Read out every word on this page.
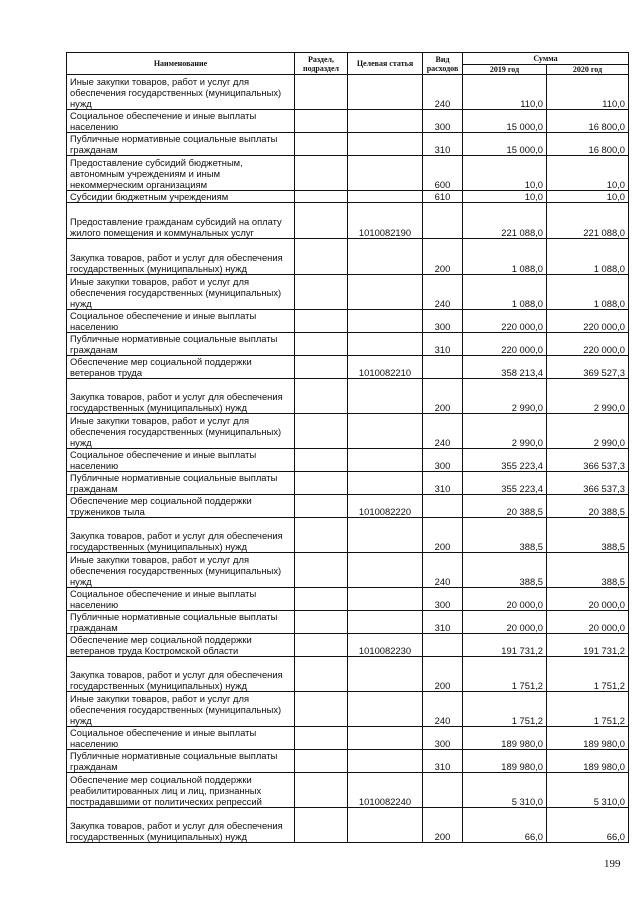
Наименование	Раздел, подраздел	Целевая статья	Вид расходов	Сумма	
				2019 год	2020 год
Иные закупки товаров, работ и услуг для обеспечения государственных (муниципальных) нужд			240	110,0	110,0
Социальное обеспечение и иные выплаты населению			300	15 000,0	16 800,0
Публичные нормативные социальные выплаты гражданам			310	15 000,0	16 800,0
Предоставление субсидий бюджетным, автономным учреждениям и иным некоммерческим организациям			600	10,0	10,0
Субсидии бюджетным учреждениям			610	10,0	10,0
Предоставление гражданам субсидий на оплату жилого помещения и коммунальных услуг		1010082190		221 088,0	221 088,0
Закупка товаров, работ и услуг для обеспечения государственных (муниципальных) нужд			200	1 088,0	1 088,0
Иные закупки товаров, работ и услуг для обеспечения государственных (муниципальных) нужд			240	1 088,0	1 088,0
Социальное обеспечение и иные выплаты населению			300	220 000,0	220 000,0
Публичные нормативные социальные выплаты гражданам			310	220 000,0	220 000,0
Обеспечение мер социальной поддержки ветеранов труда		1010082210		358 213,4	369 527,3
Закупка товаров, работ и услуг для обеспечения государственных (муниципальных) нужд			200	2 990,0	2 990,0
Иные закупки товаров, работ и услуг для обеспечения государственных (муниципальных) нужд			240	2 990,0	2 990,0
Социальное обеспечение и иные выплаты населению			300	355 223,4	366 537,3
Публичные нормативные социальные выплаты гражданам			310	355 223,4	366 537,3
Обеспечение мер социальной поддержки тружеников тыла		1010082220		20 388,5	20 388,5
Закупка товаров, работ и услуг для обеспечения государственных (муниципальных) нужд			200	388,5	388,5
Иные закупки товаров, работ и услуг для обеспечения государственных (муниципальных) нужд			240	388,5	388,5
Социальное обеспечение и иные выплаты населению			300	20 000,0	20 000,0
Публичные нормативные социальные выплаты гражданам			310	20 000,0	20 000,0
Обеспечение мер социальной поддержки ветеранов труда Костромской области		1010082230		191 731,2	191 731,2
Закупка товаров, работ и услуг для обеспечения государственных (муниципальных) нужд			200	1 751,2	1 751,2
Иные закупки товаров, работ и услуг для обеспечения государственных (муниципальных) нужд			240	1 751,2	1 751,2
Социальное обеспечение и иные выплаты населению			300	189 980,0	189 980,0
Публичные нормативные социальные выплаты гражданам			310	189 980,0	189 980,0
Обеспечение мер социальной поддержки реабилитированных лиц и лиц, признанных пострадавшими от политических репрессий		1010082240		5 310,0	5 310,0
Закупка товаров, работ и услуг для обеспечения государственных (муниципальных) нужд			200	66,0	66,0
199
